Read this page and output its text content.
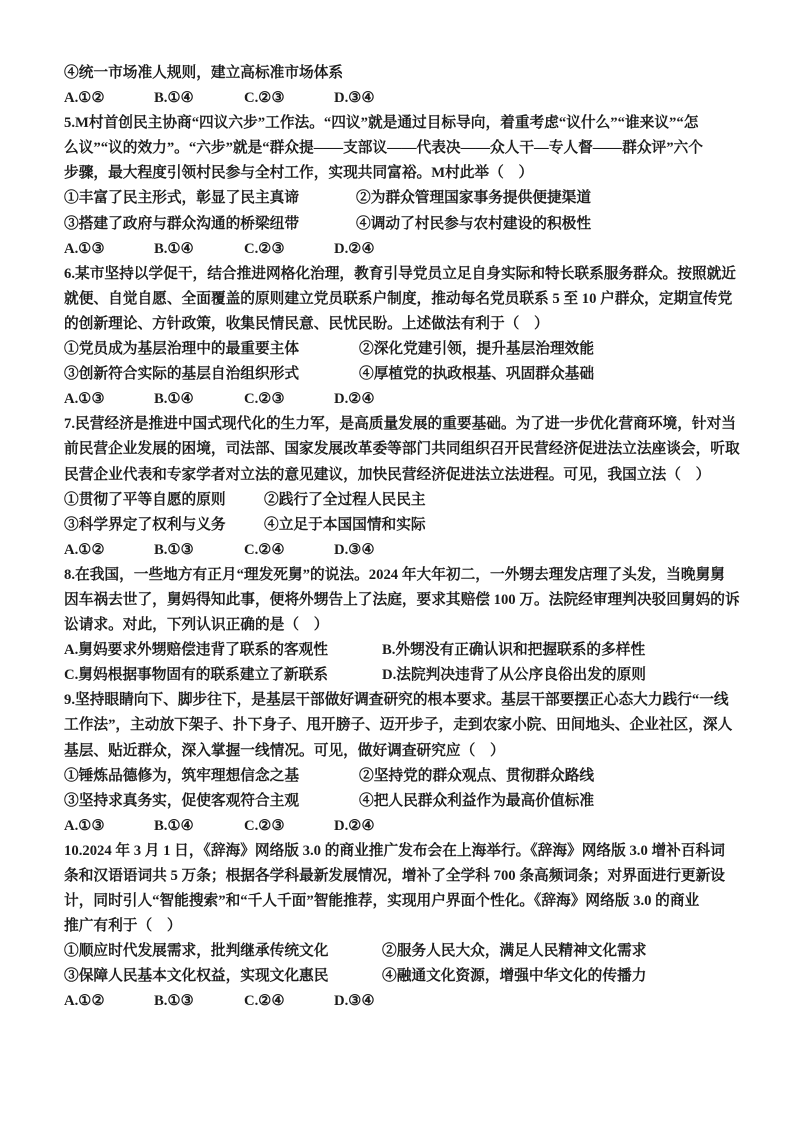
④统一市场准人规则，建立高标准市场体系
A.①②	B.①④	C.②③	D.③④
5.M村首创民主协商“四议六步”工作法。“四议”就是通过目标导向，着重考虑“议什么”“谁来议”“怎
么议”“议的效力”。“六步”就是“群众提——支部议——代表决——众人干—专人督——群众评”六个
步骤，最大程度引领村民参与全村工作，实现共同富裕。M村此举（　）
①丰富了民主形式，彰显了民主真谛	②为群众管理国家事务提供便捷渠道
③搭建了政府与群众沟通的桥梁纽带	④调动了村民参与农村建设的积极性
A.①③	B.①④	C.②③	D.②④
6.某市坚持以学促干，结合推进网格化治理，教育引导党员立足自身实际和特长联系服务群众。按照就近
就便、自觉自愿、全面覆盖的原则建立党员联系户制度，推动每名党员联系 5 至 10 户群众，定期宣传党
的创新理论、方针政策，收集民情民意、民忧民盼。上述做法有利于（　）
①党员成为基层治理中的最重要主体	②深化党建引领，提升基层治理效能
③创新符合实际的基层自治组织形式	④厚植党的执政根基、巩固群众基础
A.①③	B.①④	C.②③	D.②④
7.民营经济是推进中国式现代化的生力军，是高质量发展的重要基础。为了进一步优化营商环境，针对当
前民营企业发展的困境，司法部、国家发展改革委等部门共同组织召开民营经济促进法立法座谈会，听取
民营企业代表和专家学者对立法的意见建议，加快民营经济促进法立法进程。可见，我国立法（　）
①贯彻了平等自愿的原则	②践行了全过程人民民主
③科学界定了权利与义务	④立足于本国国情和实际
A.①②	B.①③	C.②④	D.③④
8.在我国，一些地方有正月“理发死舅”的说法。2024 年大年初二，一外甥去理发店理了头发，当晚舅舅
因车祸去世了，舅妈得知此事，便将外甥告上了法庭，要求其赔偿 100 万。法院经审理判决驳回舅妈的诉
讼请求。对此，下列认识正确的是（　）
A.舅妈要求外甥赔偿违背了联系的客观性	B.外甥没有正确认识和把握联系的多样性
C.舅妈根据事物固有的联系建立了新联系	D.法院判决违背了从公序良俗出发的原则
9.坚持眼睛向下、脚步往下，是基层干部做好调查研究的根本要求。基层干部要摆正心态大力践行“一线
工作法”，主动放下架子、扑下身子、甩开膀子、迈开步子，走到农家小院、田间地头、企业社区，深人
基层、贴近群众，深入掌握一线情况。可见，做好调查研究应（　）
①锤炼品德修为，筑牢理想信念之基	②坚持党的群众观点、贯彻群众路线
③坚持求真务实，促使客观符合主观	④把人民群众利益作为最高价值标准
A.①③	B.①④	C.②③	D.②④
10.2024 年 3 月 1 日，《辞海》网络版 3.0 的商业推广发布会在上海举行。《辞海》网络版 3.0 增补百科词
条和汉语语词共 5 万条；根据各学科最新发展情况，增补了全学科 700 条高频词条；对界面进行更新设
计，同时引人“智能搜索”和“千人千面”智能推荐，实现用户界面个性化。《辞海》网络版 3.0 的商业
推广有利于（　）
①顺应时代发展需求，批判继承传统文化	②服务人民大众，满足人民精神文化需求
③保障人民基本文化权益，实现文化惠民	④融通文化资源，增强中华文化的传播力
A.①②	B.①③	C.②④	D.③④
